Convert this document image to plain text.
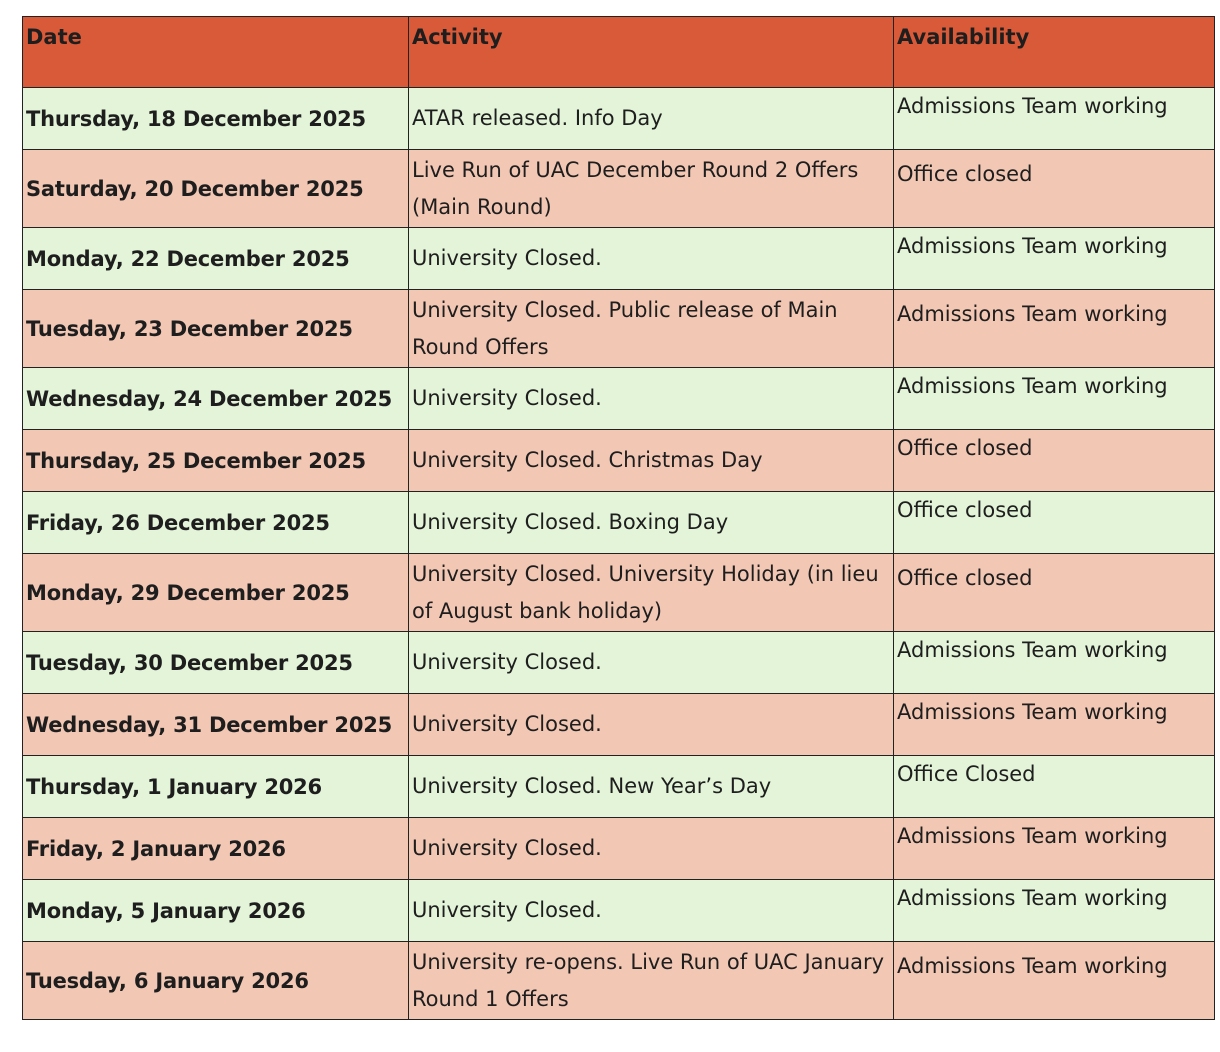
Date	Activity	Availability
Thursday, 18 December 2025	ATAR released. Info Day	Admissions Team working
Saturday, 20 December 2025	Live Run of UAC December Round 2 Offers (Main Round)	Office closed
Monday, 22 December 2025	University Closed.	Admissions Team working
Tuesday, 23 December 2025	University Closed. Public release of Main Round Offers	Admissions Team working
Wednesday, 24 December 2025	University Closed.	Admissions Team working
Thursday, 25 December 2025	University Closed. Christmas Day	Office closed
Friday, 26 December 2025	University Closed. Boxing Day	Office closed
Monday, 29 December 2025	University Closed. University Holiday (in lieu of August bank holiday)	Office closed
Tuesday, 30 December 2025	University Closed.	Admissions Team working
Wednesday, 31 December 2025	University Closed.	Admissions Team working
Thursday, 1 January 2026	University Closed. New Year’s Day	Office Closed
Friday, 2 January 2026	University Closed.	Admissions Team working
Monday, 5 January 2026	University Closed.	Admissions Team working
Tuesday, 6 January 2026	University re-opens. Live Run of UAC January Round 1 Offers	Admissions Team working
